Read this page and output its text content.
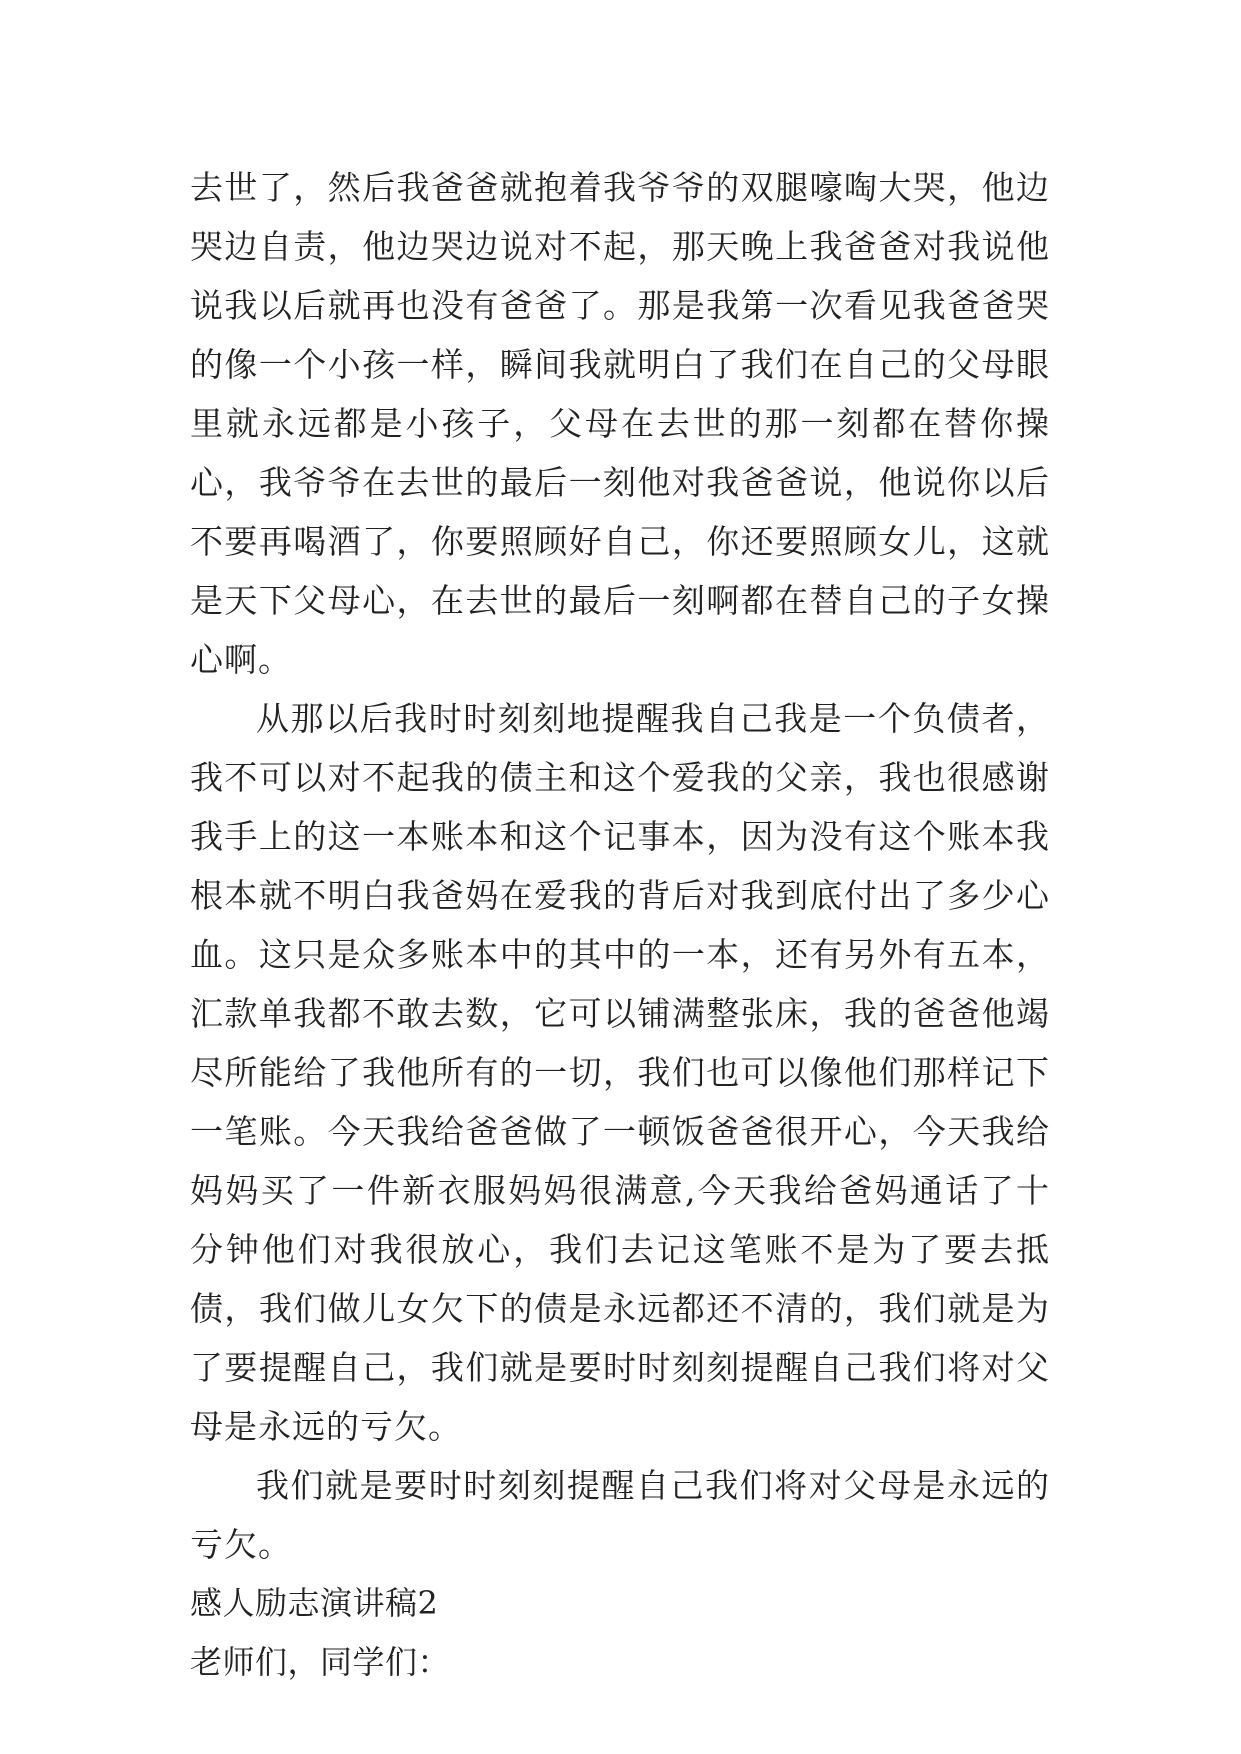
去世了，然后我爸爸就抱着我爷爷的双腿嚎啕大哭，他边哭边自责，他边哭边说对不起，那天晚上我爸爸对我说他说我以后就再也没有爸爸了。那是我第一次看见我爸爸哭的像一个小孩一样，瞬间我就明白了我们在自己的父母眼里就永远都是小孩子，父母在去世的那一刻都在替你操心，我爷爷在去世的最后一刻他对我爸爸说，他说你以后不要再喝酒了，你要照顾好自己，你还要照顾女儿，这就是天下父母心，在去世的最后一刻啊都在替自己的子女操心啊。

从那以后我时时刻刻地提醒我自己我是一个负债者，我不可以对不起我的债主和这个爱我的父亲，我也很感谢我手上的这一本账本和这个记事本，因为没有这个账本我根本就不明白我爸妈在爱我的背后对我到底付出了多少心血。这只是众多账本中的其中的一本，还有另外有五本，汇款单我都不敢去数，它可以铺满整张床，我的爸爸他竭尽所能给了我他所有的一切，我们也可以像他们那样记下一笔账。今天我给爸爸做了一顿饭爸爸很开心，今天我给妈妈买了一件新衣服妈妈很满意,今天我给爸妈通话了十分钟他们对我很放心，我们去记这笔账不是为了要去抵债，我们做儿女欠下的债是永远都还不清的，我们就是为了要提醒自己，我们就是要时时刻刻提醒自己我们将对父母是永远的亏欠。

我们就是要时时刻刻提醒自己我们将对父母是永远的亏欠。

感人励志演讲稿2

老师们，同学们：
